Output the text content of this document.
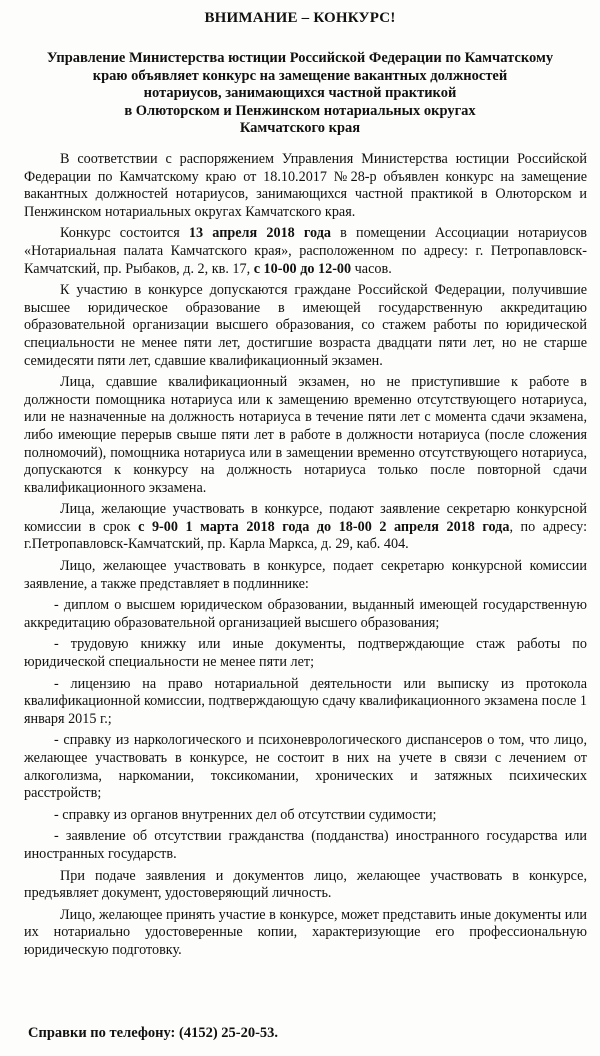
ВНИМАНИЕ – КОНКУРС!
Управление Министерства юстиции Российской Федерации по Камчатскому
краю объявляет конкурс на замещение вакантных должностей
нотариусов, занимающихся частной практикой
в Олюторском и Пенжинском нотариальных округах
Камчатского края

В соответствии с распоряжением Управления Министерства юстиции Российской Федерации по Камчатскому краю от 18.10.2017 №28-р объявлен конкурс на замещение вакантных должностей нотариусов, занимающихся частной практикой в Олюторском и Пенжинском нотариальных округах Камчатского края.

Конкурс состоится 13 апреля 2018 года в помещении Ассоциации нотариусов «Нотариальная палата Камчатского края», расположенном по адресу: г. Петропавловск-Камчатский, пр. Рыбаков, д. 2, кв. 17, с 10-00 до 12-00 часов.

К участию в конкурсе допускаются граждане Российской Федерации, получившие высшее юридическое образование в имеющей государственную аккредитацию образовательной организации высшего образования, со стажем работы по юридической специальности не менее пяти лет, достигшие возраста двадцати пяти лет, но не старше семидесяти пяти лет, сдавшие квалификационный экзамен.

Лица, сдавшие квалификационный экзамен, но не приступившие к работе в должности помощника нотариуса или к замещению временно отсутствующего нотариуса, или не назначенные на должность нотариуса в течение пяти лет с момента сдачи экзамена, либо имеющие перерыв свыше пяти лет в работе в должности нотариуса (после сложения полномочий), помощника нотариуса или в замещении временно отсутствующего нотариуса, допускаются к конкурсу на должность нотариуса только после повторной сдачи квалификационного экзамена.

Лица, желающие участвовать в конкурсе, подают заявление секретарю конкурсной комиссии в срок с 9-00 1 марта 2018 года до 18-00 2 апреля 2018 года, по адресу: г.Петропавловск-Камчатский, пр. Карла Маркса, д. 29, каб. 404.

Лицо, желающее участвовать в конкурсе, подает секретарю конкурсной комиссии заявление, а также представляет в подлиннике:

- диплом о высшем юридическом образовании, выданный имеющей государственную аккредитацию образовательной организацией высшего образования;

- трудовую книжку или иные документы, подтверждающие стаж работы по юридической специальности не менее пяти лет;

- лицензию на право нотариальной деятельности или выписку из протокола квалификационной комиссии, подтверждающую сдачу квалификационного экзамена после 1 января 2015 г.;

- справку из наркологического и психоневрологического диспансеров о том, что лицо, желающее участвовать в конкурсе, не состоит в них на учете в связи с лечением от алкоголизма, наркомании, токсикомании, хронических и затяжных психических расстройств;

- справку из органов внутренних дел об отсутствии судимости;

- заявление об отсутствии гражданства (подданства) иностранного государства или иностранных государств.

При подаче заявления и документов лицо, желающее участвовать в конкурсе, предъявляет документ, удостоверяющий личность.

Лицо, желающее принять участие в конкурсе, может представить иные документы или их нотариально удостоверенные копии, характеризующие его профессиональную юридическую подготовку.

Справки по телефону: (4152) 25-20-53.
